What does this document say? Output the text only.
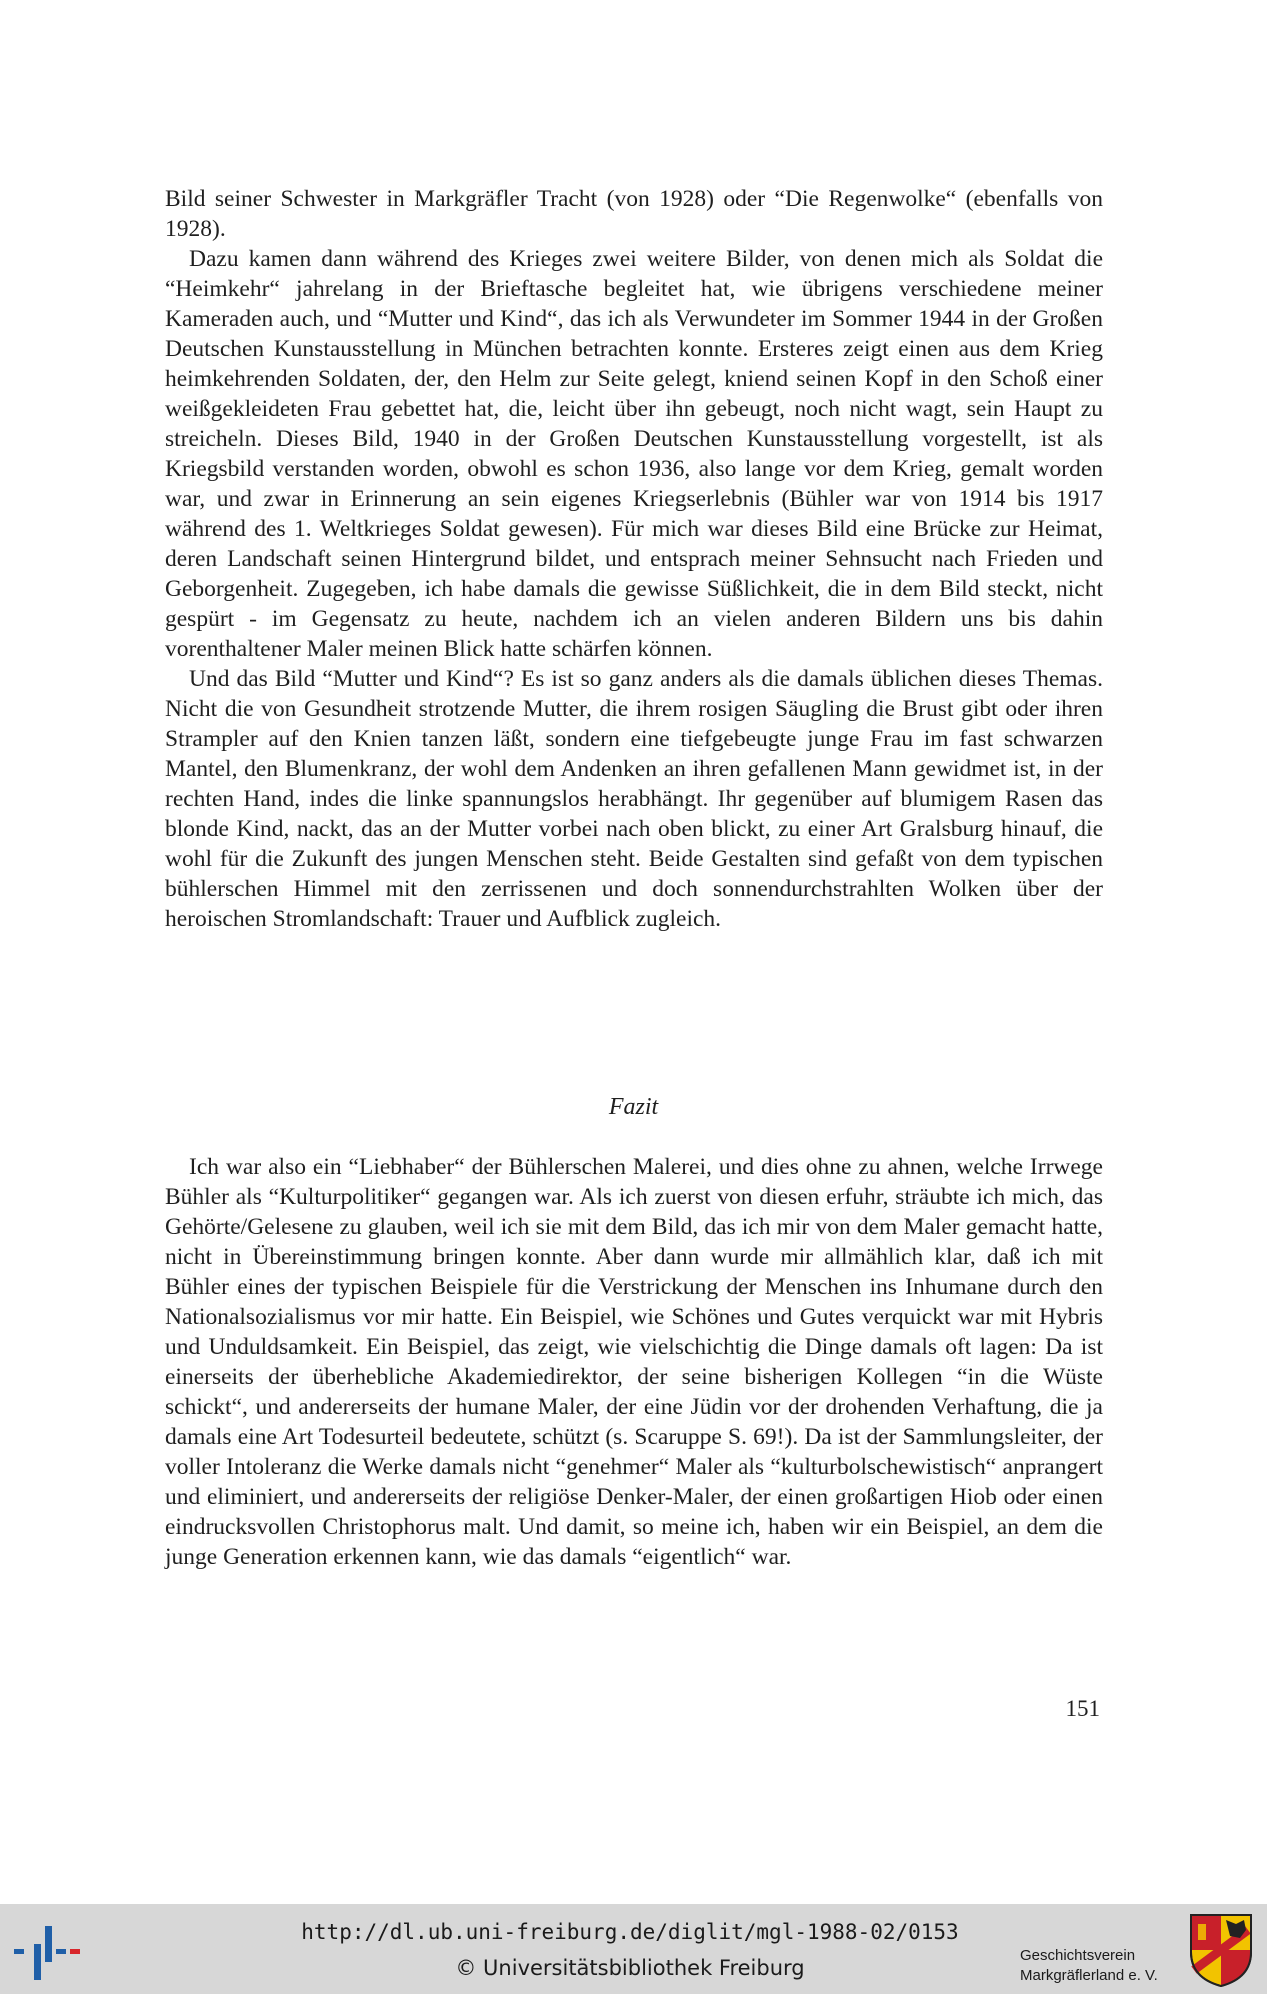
Bild seiner Schwester in Markgräfler Tracht (von 1928) oder “Die Regenwolke“ (ebenfalls von 1928).

Dazu kamen dann während des Krieges zwei weitere Bilder, von denen mich als Soldat die “Heimkehr“ jahrelang in der Brieftasche begleitet hat, wie übrigens verschiedene meiner Kameraden auch, und “Mutter und Kind“, das ich als Verwundeter im Sommer 1944 in der Großen Deutschen Kunstausstellung in München betrachten konnte. Ersteres zeigt einen aus dem Krieg heimkehrenden Soldaten, der, den Helm zur Seite gelegt, kniend seinen Kopf in den Schoß einer weißgekleideten Frau gebettet hat, die, leicht über ihn gebeugt, noch nicht wagt, sein Haupt zu streicheln. Dieses Bild, 1940 in der Großen Deutschen Kunstausstellung vorgestellt, ist als Kriegsbild verstanden worden, obwohl es schon 1936, also lange vor dem Krieg, gemalt worden war, und zwar in Erinnerung an sein eigenes Kriegserlebnis (Bühler war von 1914 bis 1917 während des 1. Weltkrieges Soldat gewesen). Für mich war dieses Bild eine Brücke zur Heimat, deren Landschaft seinen Hintergrund bildet, und entsprach meiner Sehnsucht nach Frieden und Geborgenheit. Zugegeben, ich habe damals die gewisse Süßlichkeit, die in dem Bild steckt, nicht gespürt - im Gegensatz zu heute, nachdem ich an vielen anderen Bildern uns bis dahin vorenthaltener Maler meinen Blick hatte schärfen können.

Und das Bild “Mutter und Kind“? Es ist so ganz anders als die damals üblichen dieses Themas. Nicht die von Gesundheit strotzende Mutter, die ihrem rosigen Säugling die Brust gibt oder ihren Strampler auf den Knien tanzen läßt, sondern eine tiefgebeugte junge Frau im fast schwarzen Mantel, den Blumenkranz, der wohl dem Andenken an ihren gefallenen Mann gewidmet ist, in der rechten Hand, indes die linke spannungslos herabhängt. Ihr gegenüber auf blumigem Rasen das blonde Kind, nackt, das an der Mutter vorbei nach oben blickt, zu einer Art Gralsburg hinauf, die wohl für die Zukunft des jungen Menschen steht. Beide Gestalten sind gefaßt von dem typischen bühlerschen Himmel mit den zerrissenen und doch sonnendurchstrahlten Wolken über der heroischen Stromlandschaft: Trauer und Aufblick zugleich.

Fazit

Ich war also ein “Liebhaber“ der Bühlerschen Malerei, und dies ohne zu ahnen, welche Irrwege Bühler als “Kulturpolitiker“ gegangen war. Als ich zuerst von diesen erfuhr, sträubte ich mich, das Gehörte/Gelesene zu glauben, weil ich sie mit dem Bild, das ich mir von dem Maler gemacht hatte, nicht in Übereinstimmung bringen konnte. Aber dann wurde mir allmählich klar, daß ich mit Bühler eines der typischen Beispiele für die Verstrickung der Menschen ins Inhumane durch den Nationalsozialismus vor mir hatte. Ein Beispiel, wie Schönes und Gutes verquickt war mit Hybris und Unduldsamkeit. Ein Beispiel, das zeigt, wie vielschichtig die Dinge damals oft lagen: Da ist einerseits der überhebliche Akademiedirektor, der seine bisherigen Kollegen “in die Wüste schickt“, und andererseits der humane Maler, der eine Jüdin vor der drohenden Verhaftung, die ja damals eine Art Todesurteil bedeutete, schützt (s. Scaruppe S. 69!). Da ist der Sammlungsleiter, der voller Intoleranz die Werke damals nicht “genehmer“ Maler als “kulturbolschewistisch“ anprangert und eliminiert, und andererseits der religiöse Denker-Maler, der einen großartigen Hiob oder einen eindrucksvollen Christophorus malt. Und damit, so meine ich, haben wir ein Beispiel, an dem die junge Generation erkennen kann, wie das damals “eigentlich“ war.

151
http://dl.ub.uni-freiburg.de/diglit/mgl-1988-02/0153
© Universitätsbibliothek Freiburg
Geschichtsverein
Markgräflerland e. V.
